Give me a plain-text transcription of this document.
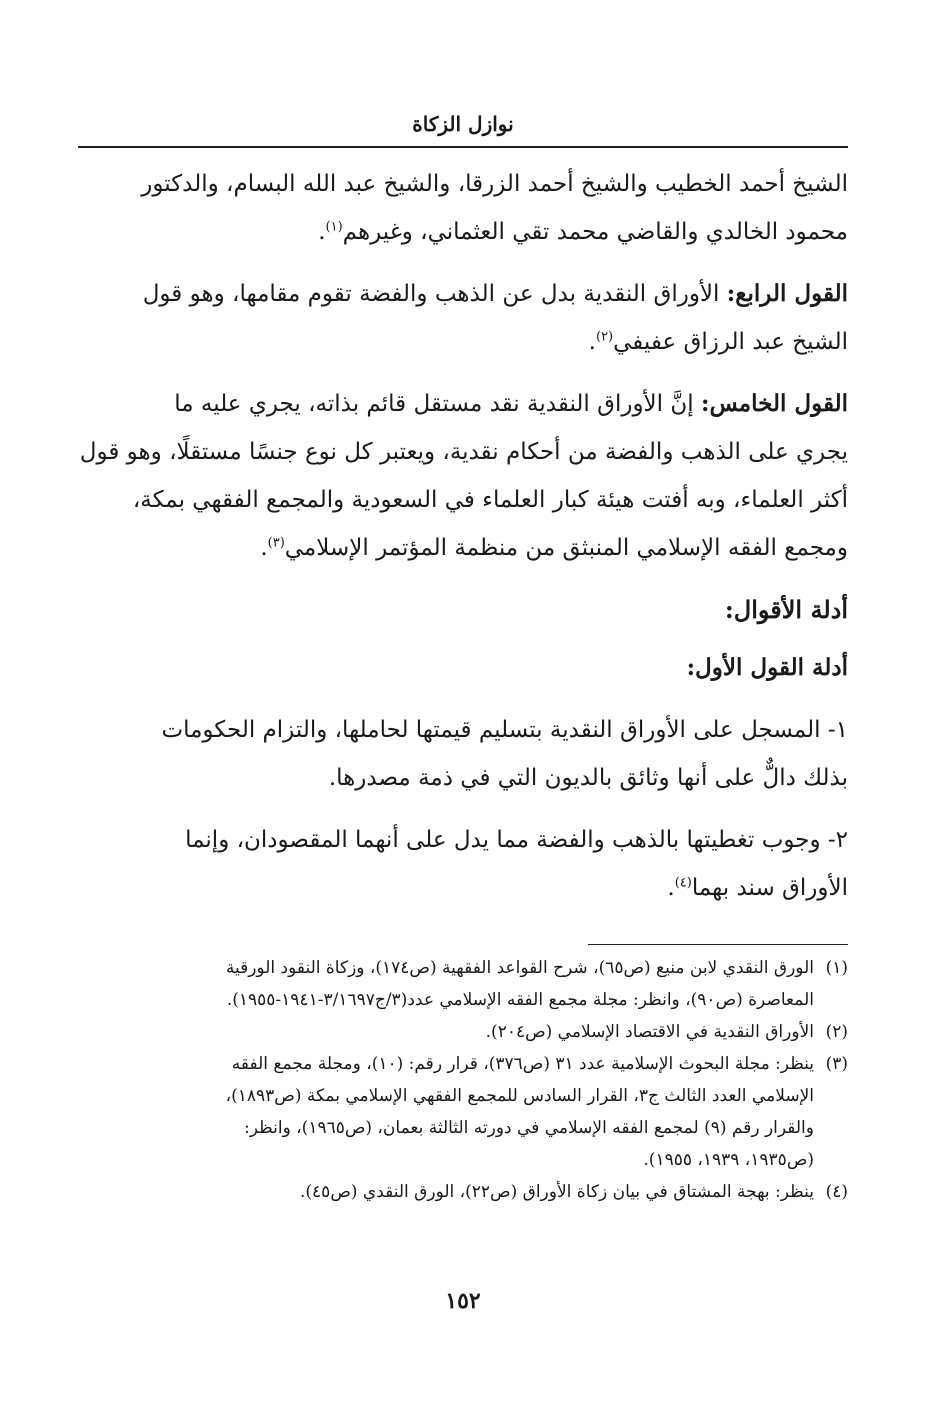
نوازل الزكاة

الشيخ أحمد الخطيب والشيخ أحمد الزرقا، والشيخ عبد الله البسام، والدكتور

محمود الخالدي والقاضي محمد تقي العثماني، وغيرهم$^{(١)}$.

القول الرابع: الأوراق النقدية بدل عن الذهب والفضة تقوم مقامها، وهو قول

الشيخ عبد الرزاق عفيفي$^{(٢)}$.

القول الخامس: إنَّ الأوراق النقدية نقد مستقل قائم بذاته، يجري عليه ما

يجري على الذهب والفضة من أحكام نقدية، ويعتبر كل نوع جنسًا مستقلًا، وهو قول

أكثر العلماء، وبه أفتت هيئة كبار العلماء في السعودية والمجمع الفقهي بمكة،

ومجمع الفقه الإسلامي المنبثق من منظمة المؤتمر الإسلامي$^{(٣)}$.

أدلة الأقوال:
أدلة القول الأول:

١- المسجل على الأوراق النقدية بتسليم قيمتها لحاملها، والتزام الحكومات

بذلك دالٌّ على أنها وثائق بالديون التي في ذمة مصدرها.

٢- وجوب تغطيتها بالذهب والفضة مما يدل على أنهما المقصودان، وإنما

الأوراق سند بهما$^{(٤)}$.

(١)

الورق النقدي لابن منيع (ص٦٥)، شرح القواعد الفقهية (ص١٧٤)، وزكاة النقود الورقية

المعاصرة (ص٩٠)، وانظر: مجلة مجمع الفقه الإسلامي عدد(٣/ج٣/١٦٩٧-١٩٤١-١٩٥٥).

(٢)

الأوراق النقدية في الاقتصاد الإسلامي (ص٢٠٤).

(٣)

ينظر: مجلة البحوث الإسلامية عدد ٣١ (ص٣٧٦)، قرار رقم: (١٠)، ومجلة مجمع الفقه

الإسلامي العدد الثالث ج٣، القرار السادس للمجمع الفقهي الإسلامي بمكة (ص١٨٩٣)،

والقرار رقم (٩) لمجمع الفقه الإسلامي في دورته الثالثة بعمان، (ص١٩٦٥)، وانظر:

(ص١٩٣٥، ١٩٣٩، ١٩٥٥).

(٤)

ينظر: بهجة المشتاق في بيان زكاة الأوراق (ص٢٢)، الورق النقدي (ص٤٥).

١٥٢
